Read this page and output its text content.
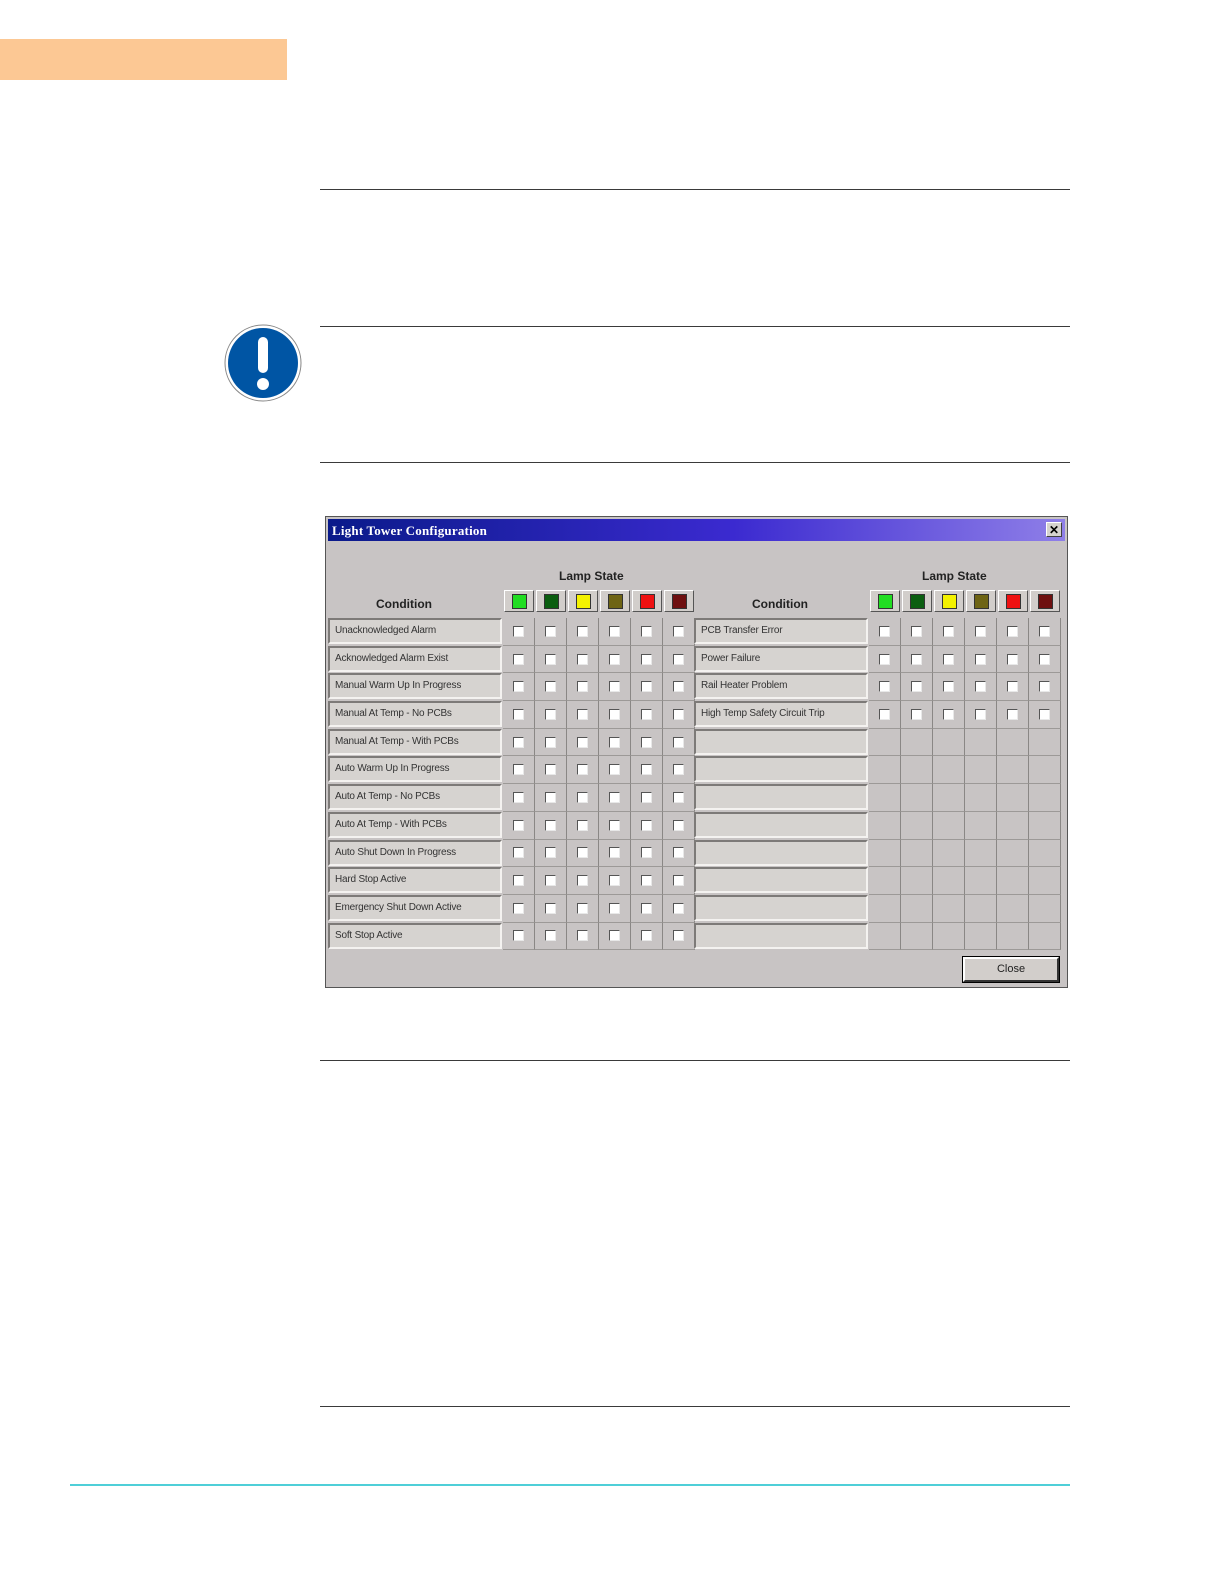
Light Tower Configuration	✕
Lamp State
Condition
Unacknowledged Alarm
Acknowledged Alarm Exist
Manual Warm Up In Progress
Manual At Temp - No PCBs
Manual At Temp - With PCBs
Auto Warm Up In Progress
Auto At Temp - No PCBs
Auto At Temp - With PCBs
Auto Shut Down In Progress
Hard Stop Active
Emergency Shut Down Active
Soft Stop Active
Lamp State
Condition
PCB Transfer Error
Power Failure
Rail Heater Problem
High Temp Safety Circuit Trip
Close
